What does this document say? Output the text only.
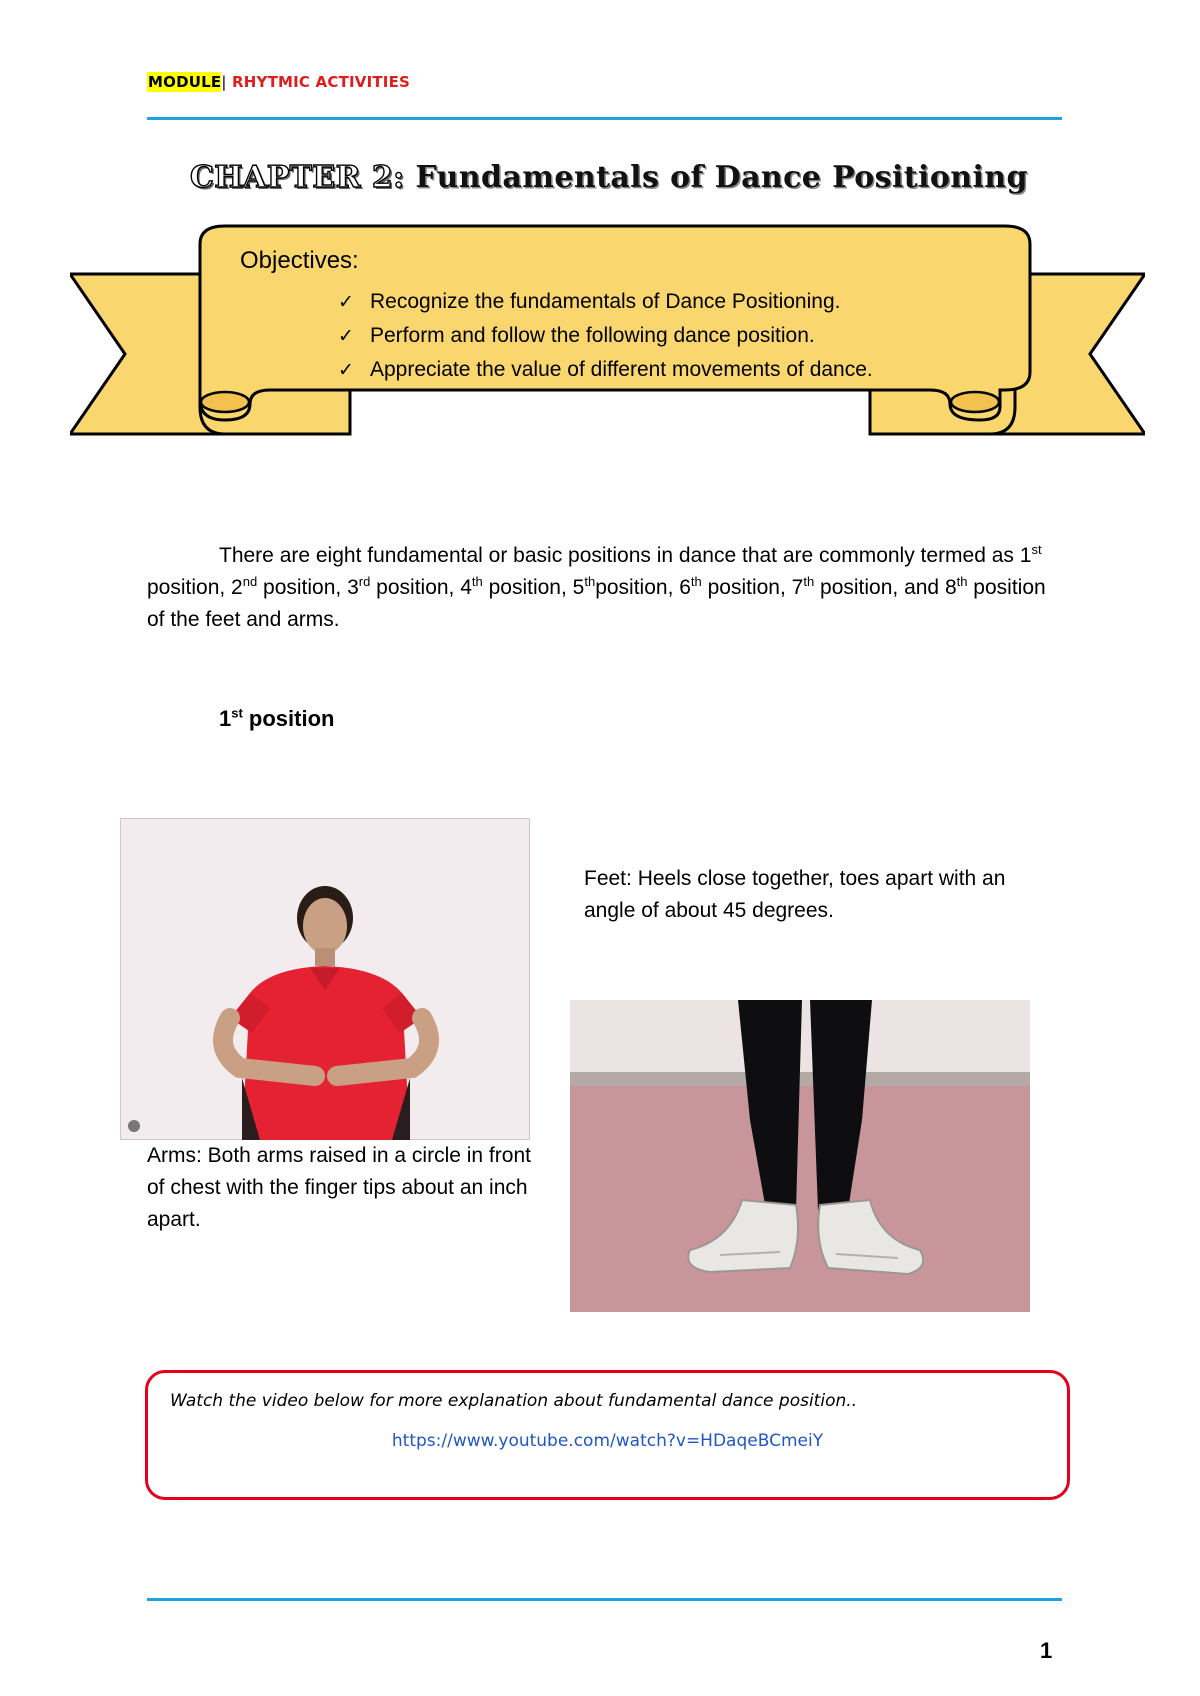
MODULE| RHYTMIC ACTIVITIES
CHAPTER 2: Fundamentals of Dance Positioning
Objectives:
✓ Recognize the fundamentals of Dance Positioning.
✓ Perform and follow the following dance position.
✓ Appreciate the value of different movements of dance.

There are eight fundamental or basic positions in dance that are commonly termed as 1st position, 2nd position, 3rd position, 4th position, 5thposition, 6th position, 7th position, and 8th position of the feet and arms.

1st position
Feet: Heels close together, toes apart with an angle of about 45 degrees.
Arms: Both arms raised in a circle in front of chest with the finger tips about an inch apart.
Watch the video below for more explanation about fundamental dance position..
https://www.youtube.com/watch?v=HDaqeBCmeiY
1
